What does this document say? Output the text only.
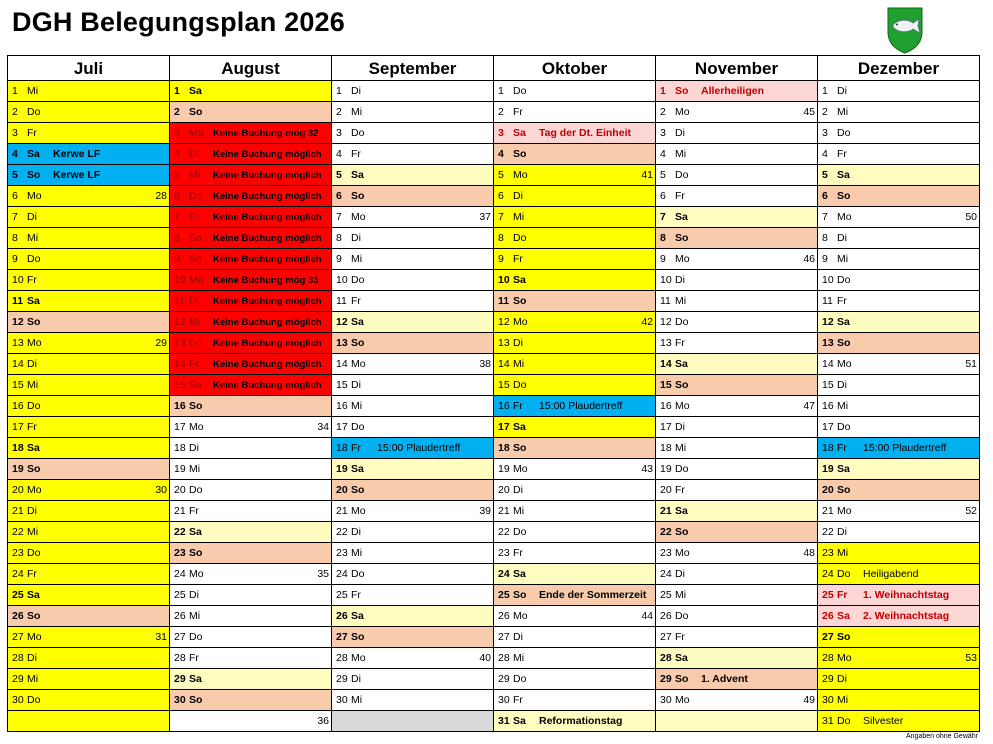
DGH Belegungsplan 2026
Juli
1 Mi
2 Do
3 Fr
4 Sa	Kerwe LF
5 So	Kerwe LF
6 Mo	28
7 Di
8 Mi
9 Do
10 Fr
11 Sa
12 So
13 Mo	29
14 Di
15 Mi
16 Do
17 Fr
18 Sa
19 So
20 Mo	30
21 Di
22 Mi
23 Do
24 Fr
25 Sa
26 So
27 Mo	31
28 Di
29 Mi
30 Do
August
1 Sa
2 So
3 Mo Keine Buchung mög 32
4 Di	Keine Buchung möglich
5 Mi	Keine Buchung möglich
6 Do	Keine Buchung möglich
7 Fr	Keine Buchung möglich
8 Sa	Keine Buchung möglich
9 So	Keine Buchung möglich
10 Mo Keine Buchung mög 33
11 Di	Keine Buchung möglich
12 Mi	Keine Buchung möglich
13 Do	Keine Buchung möglich
14 Fr	Keine Buchung möglich
15 Sa	Keine Buchung möglich
16 So
17 Mo	34
18 Di
19 Mi
20 Do
21 Fr
22 Sa
23 So
24 Mo	35
25 Di
26 Mi
27 Do
28 Fr
29 Sa
30 So
36
September
1 Di
2 Mi
3 Do
4 Fr
5 Sa
6 So
7 Mo	37
8 Di
9 Mi
10 Do
11 Fr
12 Sa
13 So
14 Mo	38
15 Di
16 Mi
17 Do
18 Fr	15:00 Plaudertreff
19 Sa
20 So
21 Mo	39
22 Di
23 Mi
24 Do
25 Fr
26 Sa
27 So
28 Mo	40
29 Di
30 Mi
Oktober
1 Do
2 Fr
3 Sa	Tag der Dt. Einheit
4 So
5 Mo	41
6 Di
7 Mi
8 Do
9 Fr
10 Sa
11 So
12 Mo	42
13 Di
14 Mi
15 Do
16 Fr	15:00 Plaudertreff
17 Sa
18 So
19 Mo	43
20 Di
21 Mi
22 Do
23 Fr
24 Sa
25 So	Ende der Sommerzeit
26 Mo	44
27 Di
28 Mi
29 Do
30 Fr
31 Sa	Reformationstag
November
1 So	Allerheiligen
2 Mo	45
3 Di
4 Mi
5 Do
6 Fr
7 Sa
8 So
9 Mo	46
10 Di
11 Mi
12 Do
13 Fr
14 Sa
15 So
16 Mo	47
17 Di
18 Mi
19 Do
20 Fr
21 Sa
22 So
23 Mo	48
24 Di
25 Mi
26 Do
27 Fr
28 Sa
29 So	1. Advent
30 Mo	49
Dezember
1 Di
2 Mi
3 Do
4 Fr
5 Sa
6 So
7 Mo	50
8 Di
9 Mi
10 Do
11 Fr
12 Sa
13 So
14 Mo	51
15 Di
16 Mi
17 Do
18 Fr	15:00 Plaudertreff
19 Sa
20 So
21 Mo	52
22 Di
23 Mi
24 Do	Heiligabend
25 Fr	1. Weihnachtstag
26 Sa	2. Weihnachtstag
27 So
28 Mo	53
29 Di
30 Mi
31 Do	Silvester
Angaben ohne Gewähr
